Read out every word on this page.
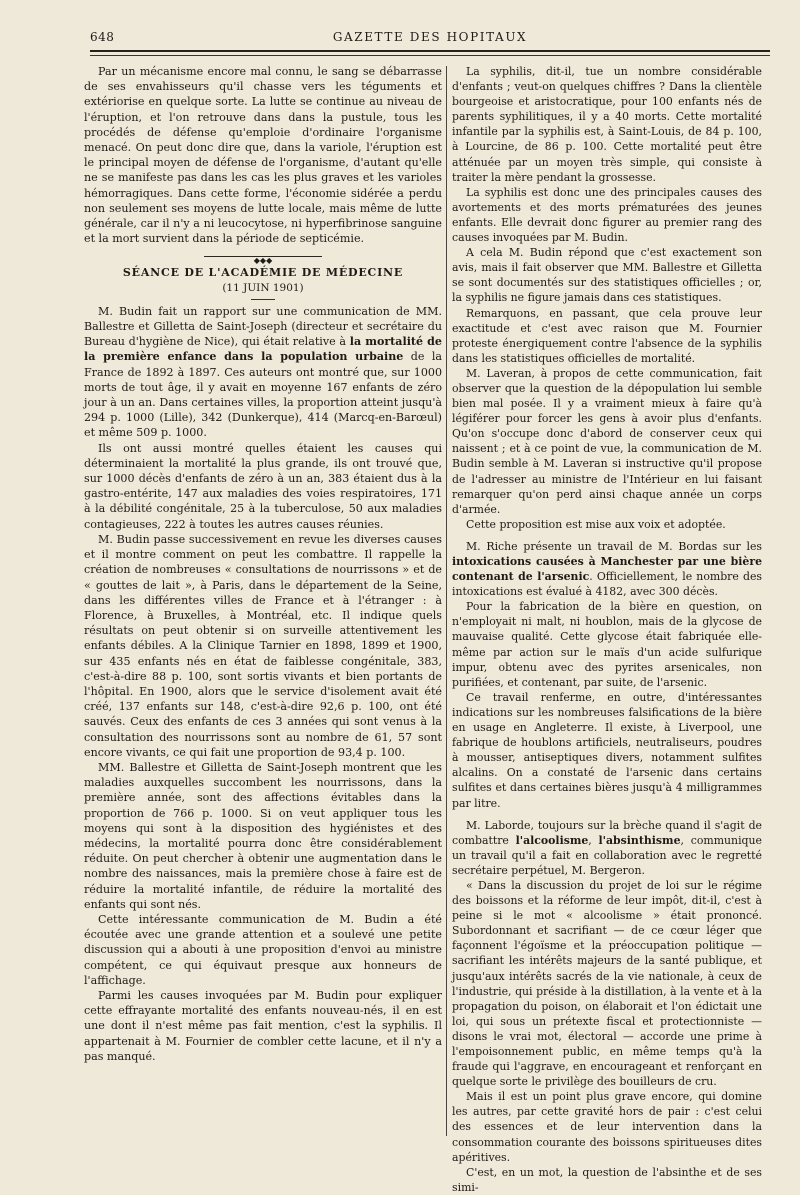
648	GAZETTE DES HOPITAUX

Par un mécanisme encore mal connu, le sang se débarrasse de ses envahisseurs qu'il chasse vers les téguments et extériorise en quelque sorte. La lutte se continue au niveau de l'éruption, et l'on retrouve dans dans la pustule, tous les procédés de défense qu'emploie d'ordinaire l'organisme menacé. On peut donc dire que, dans la variole, l'éruption est le principal moyen de défense de l'organisme, d'autant qu'elle ne se manifeste pas dans les cas les plus graves et les varioles hémorragiques. Dans cette forme, l'économie sidérée a perdu non seulement ses moyens de lutte locale, mais même de lutte générale, car il n'y a ni leucocytose, ni hyperfibrinose sanguine et la mort survient dans la période de septicémie.

◆◆◆
SÉANCE DE L'ACADÉMIE DE MÉDECINE
(11 JUIN 1901)

M. Budin fait un rapport sur une communication de MM. Ballestre et Gilletta de Saint-Joseph (directeur et secrétaire du Bureau d'hygiène de Nice), qui était relative à la mortalité de la première enfance dans la population urbaine de la France de 1892 à 1897. Ces auteurs ont montré que, sur 1000 morts de tout âge, il y avait en moyenne 167 enfants de zéro jour à un an. Dans certaines villes, la proportion atteint jusqu'à 294 p. 1000 (Lille), 342 (Dunkerque), 414 (Marcq-en-Barœul) et même 509 p. 1000.

Ils ont aussi montré quelles étaient les causes qui déterminaient la mortalité la plus grande, ils ont trouvé que, sur 1000 décès d'enfants de zéro à un an, 383 étaient dus à la gastro-entérite, 147 aux maladies des voies respiratoires, 171 à la débilité congénitale, 25 à la tuberculose, 50 aux maladies contagieuses, 222 à toutes les autres causes réunies.

M. Budin passe successivement en revue les diverses causes et il montre comment on peut les combattre. Il rappelle la création de nombreuses « consultations de nourrissons » et de « gouttes de lait », à Paris, dans le département de la Seine, dans les différentes villes de France et à l'étranger : à Florence, à Bruxelles, à Montréal, etc. Il indique quels résultats on peut obtenir si on surveille attentivement les enfants débiles. A la Clinique Tarnier en 1898, 1899 et 1900, sur 435 enfants nés en état de faiblesse congénitale, 383, c'est-à-dire 88 p. 100, sont sortis vivants et bien portants de l'hôpital. En 1900, alors que le service d'isolement avait été créé, 137 enfants sur 148, c'est-à-dire 92,6 p. 100, ont été sauvés. Ceux des enfants de ces 3 années qui sont venus à la consultation des nourrissons sont au nombre de 61, 57 sont encore vivants, ce qui fait une proportion de 93,4 p. 100.

MM. Ballestre et Gilletta de Saint-Joseph montrent que les maladies auxquelles succombent les nourrissons, dans la première année, sont des affections évitables dans la proportion de 766 p. 1000. Si on veut appliquer tous les moyens qui sont à la disposition des hygiénistes et des médecins, la mortalité pourra donc être considérablement réduite. On peut chercher à obtenir une augmentation dans le nombre des naissances, mais la première chose à faire est de réduire la mortalité infantile, de réduire la mortalité des enfants qui sont nés.

Cette intéressante communication de M. Budin a été écoutée avec une grande attention et a soulevé une petite discussion qui a abouti à une proposition d'envoi au ministre compétent, ce qui équivaut presque aux honneurs de l'affichage.

Parmi les causes invoquées par M. Budin pour expliquer cette effrayante mortalité des enfants nouveau-nés, il en est une dont il n'est même pas fait mention, c'est la syphilis. Il appartenait à M. Fournier de combler cette lacune, et il n'y a pas manqué.

La syphilis, dit-il, tue un nombre considérable d'enfants ; veut-on quelques chiffres ? Dans la clientèle bourgeoise et aristocratique, pour 100 enfants nés de parents syphilitiques, il y a 40 morts. Cette mortalité infantile par la syphilis est, à Saint-Louis, de 84 p. 100, à Lourcine, de 86 p. 100. Cette mortalité peut être atténuée par un moyen très simple, qui consiste à traiter la mère pendant la grossesse.

La syphilis est donc une des principales causes des avortements et des morts prématurées des jeunes enfants. Elle devrait donc figurer au premier rang des causes invoquées par M. Budin.

A cela M. Budin répond que c'est exactement son avis, mais il fait observer que MM. Ballestre et Gilletta se sont documentés sur des statistiques officielles ; or, la syphilis ne figure jamais dans ces statistiques.

Remarquons, en passant, que cela prouve leur exactitude et c'est avec raison que M. Fournier proteste énergiquement contre l'absence de la syphilis dans les statistiques officielles de mortalité.

M. Laveran, à propos de cette communication, fait observer que la question de la dépopulation lui semble bien mal posée. Il y a vraiment mieux à faire qu'à légiférer pour forcer les gens à avoir plus d'enfants. Qu'on s'occupe donc d'abord de conserver ceux qui naissent ; et à ce point de vue, la communication de M. Budin semble à M. Laveran si instructive qu'il propose de l'adresser au ministre de l'Intérieur en lui faisant remarquer qu'on perd ainsi chaque année un corps d'armée.

Cette proposition est mise aux voix et adoptée.

M. Riche présente un travail de M. Bordas sur les intoxications causées à Manchester par une bière contenant de l'arsenic. Officiellement, le nombre des intoxications est évalué à 4182, avec 300 décès.

Pour la fabrication de la bière en question, on n'employait ni malt, ni houblon, mais de la glycose de mauvaise qualité. Cette glycose était fabriquée elle-même par action sur le maïs d'un acide sulfurique impur, obtenu avec des pyrites arsenicales, non purifiées, et contenant, par suite, de l'arsenic.

Ce travail renferme, en outre, d'intéressantes indications sur les nombreuses falsifications de la bière en usage en Angleterre. Il existe, à Liverpool, une fabrique de houblons artificiels, neutraliseurs, poudres à mousser, antiseptiques divers, notamment sulfites alcalins. On a constaté de l'arsenic dans certains sulfites et dans certaines bières jusqu'à 4 milligrammes par litre.

M. Laborde, toujours sur la brèche quand il s'agit de combattre l'alcoolisme, l'absinthisme, communique un travail qu'il a fait en collaboration avec le regretté secrétaire perpétuel, M. Bergeron.

« Dans la discussion du projet de loi sur le régime des boissons et la réforme de leur impôt, dit-il, c'est à peine si le mot « alcoolisme » était prononcé. Subordonnant et sacrifiant — de ce cœur léger que façonnent l'égoïsme et la préoccupation politique — sacrifiant les intérêts majeurs de la santé publique, et jusqu'aux intérêts sacrés de la vie nationale, à ceux de l'industrie, qui préside à la distillation, à la vente et à la propagation du poison, on élaborait et l'on édictait une loi, qui sous un prétexte fiscal et protectionniste — disons le vrai mot, électoral — accorde une prime à l'empoisonnement public, en même temps qu'à la fraude qui l'aggrave, en encourageant et renforçant en quelque sorte le privilège des bouilleurs de cru.

Mais il est un point plus grave encore, qui domine les autres, par cette gravité hors de pair : c'est celui des essences et de leur intervention dans la consommation courante des boissons spiritueuses dites apéritives.

C'est, en un mot, la question de l'absinthe et de ses simi-
